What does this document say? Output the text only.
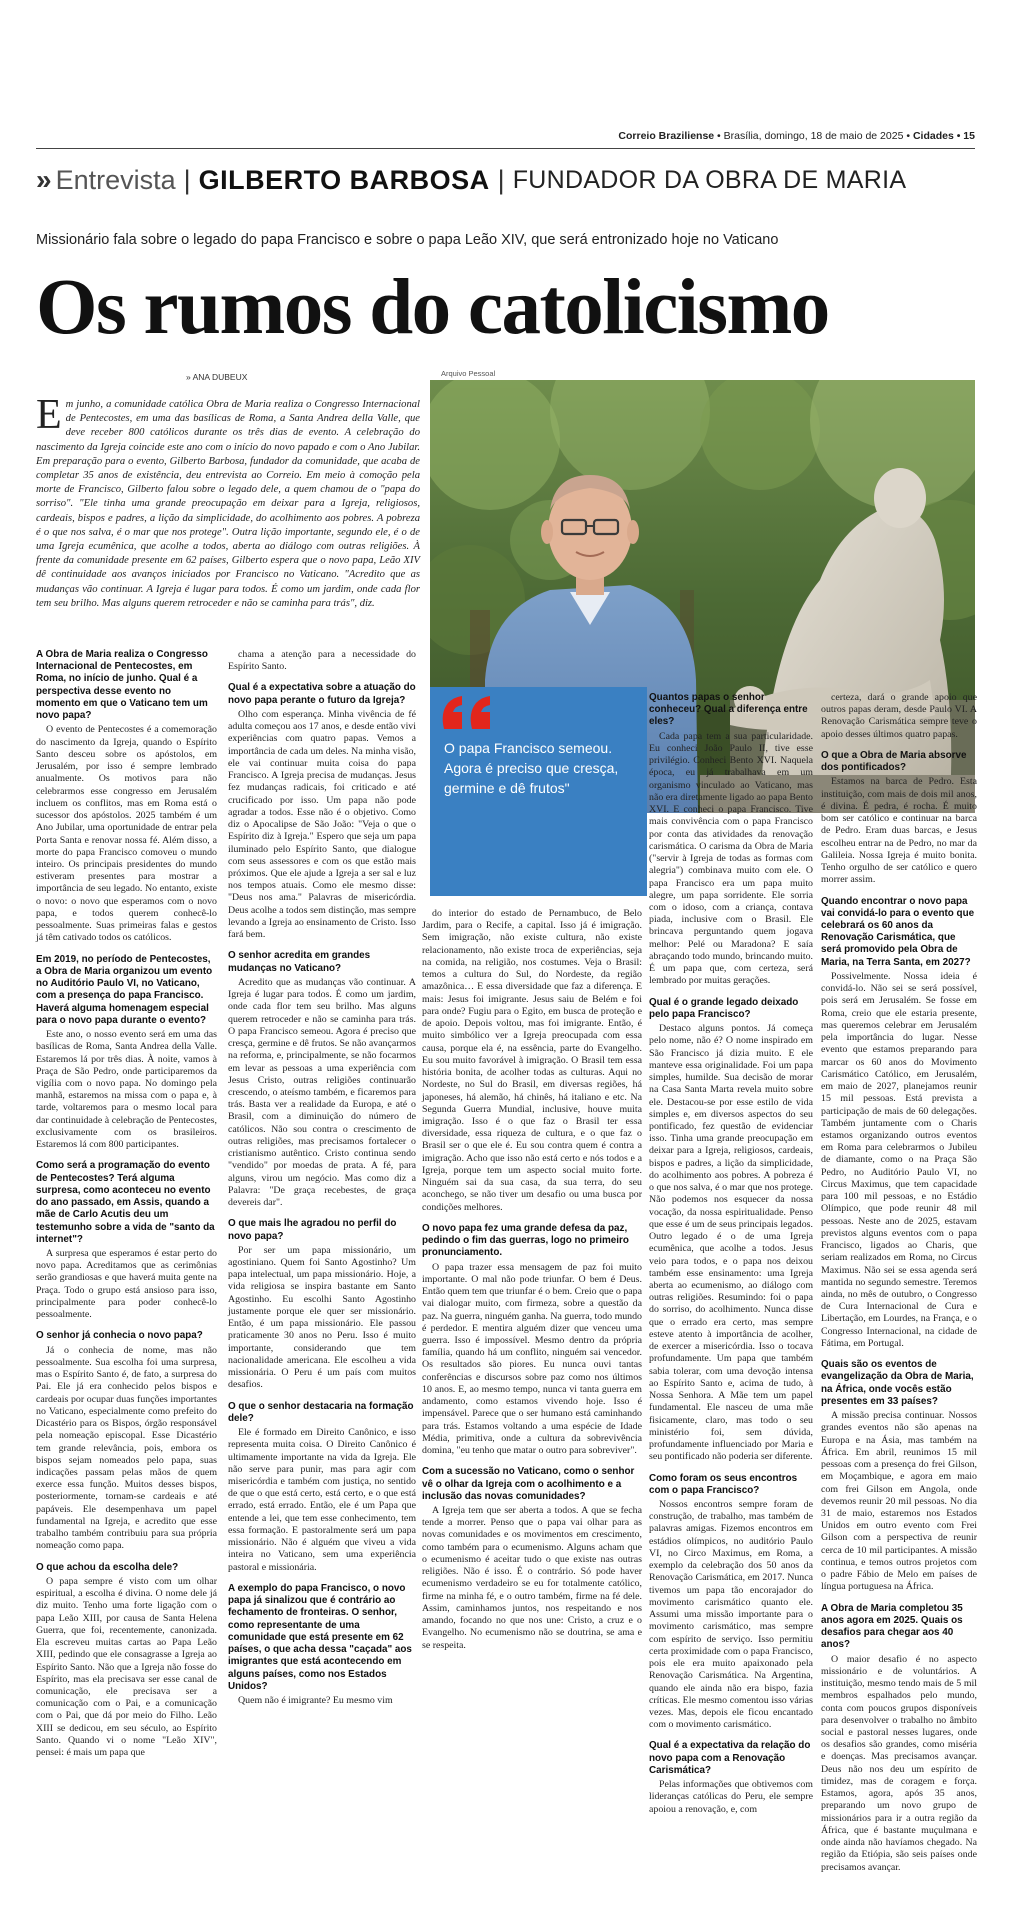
Correio Braziliense • Brasília, domingo, 18 de maio de 2025 • Cidades • 15
» Entrevista | GILBERTO BARBOSA | FUNDADOR DA OBRA DE MARIA
Missionário fala sobre o legado do papa Francisco e sobre o papa Leão XIV, que será entronizado hoje no Vaticano
Os rumos do catolicismo
» ANA DUBEUX	Arquivo Pessoal
Em junho, a comunidade católica Obra de Maria realiza o Congresso Internacional de Pentecostes, em uma das basílicas de Roma, a Santa Andrea della Valle, que deve receber 800 católicos durante os três dias de evento. A celebração do nascimento da Igreja coincide este ano com o início do novo papado e com o Ano Jubilar. Em preparação para o evento, Gilberto Barbosa, fundador da comunidade, que acaba de completar 35 anos de existência, deu entrevista ao Correio. Em meio à comoção pela morte de Francisco, Gilberto falou sobre o legado dele, a quem chamou de o "papa do sorriso". "Ele tinha uma grande preocupação em deixar para a Igreja, religiosos, cardeais, bispos e padres, a lição da simplicidade, do acolhimento aos pobres. A pobreza é o que nos salva, é o mar que nos protege". Outra lição importante, segundo ele, é o de uma Igreja ecumênica, que acolhe a todos, aberta ao diálogo com outras religiões. À frente da comunidade presente em 62 países, Gilberto espera que o novo papa, Leão XIV dê continuidade aos avanços iniciados por Francisco no Vaticano. "Acredito que as mudanças vão continuar. A Igreja é lugar para todos. É como um jardim, onde cada flor tem seu brilho. Mas alguns querem retroceder e não se caminha para trás", diz.
O papa Francisco semeou. Agora é preciso que cresça, germine e dê frutos"

A Obra de Maria realiza o Congresso Internacional de Pentecostes, em Roma, no início de junho. Qual é a perspectiva desse evento no momento em que o Vaticano tem um novo papa?

O evento de Pentecostes é a comemoração do nascimento da Igreja, quando o Espírito Santo desceu sobre os apóstolos, em Jerusalém, por isso é sempre lembrado anualmente. Os motivos para não celebrarmos esse congresso em Jerusalém incluem os conflitos, mas em Roma está o sucessor dos apóstolos. 2025 também é um Ano Jubilar, uma oportunidade de entrar pela Porta Santa e renovar nossa fé. Além disso, a morte do papa Francisco comoveu o mundo inteiro. Os principais presidentes do mundo estiveram presentes para mostrar a importância de seu legado. No entanto, existe o novo: o novo que esperamos com o novo papa, e todos querem conhecê-lo pessoalmente. Suas primeiras falas e gestos já têm cativado todos os católicos.

Em 2019, no período de Pentecostes, a Obra de Maria organizou um evento no Auditório Paulo VI, no Vaticano, com a presença do papa Francisco. Haverá alguma homenagem especial para o novo papa durante o evento?

Este ano, o nosso evento será em uma das basílicas de Roma, Santa Andrea della Valle. Estaremos lá por três dias. À noite, vamos à Praça de São Pedro, onde participaremos da vigília com o novo papa. No domingo pela manhã, estaremos na missa com o papa e, à tarde, voltaremos para o mesmo local para dar continuidade à celebração de Pentecostes, exclusivamente com os brasileiros. Estaremos lá com 800 participantes.

Como será a programação do evento de Pentecostes? Terá alguma surpresa, como aconteceu no evento do ano passado, em Assis, quando a mãe de Carlo Acutis deu um testemunho sobre a vida de "santo da internet"?

A surpresa que esperamos é estar perto do novo papa. Acreditamos que as cerimônias serão grandiosas e que haverá muita gente na Praça. Todo o grupo está ansioso para isso, principalmente para poder conhecê-lo pessoalmente.

O senhor já conhecia o novo papa?

Já o conhecia de nome, mas não pessoalmente. Sua escolha foi uma surpresa, mas o Espírito Santo é, de fato, a surpresa do Pai. Ele já era conhecido pelos bispos e cardeais por ocupar duas funções importantes no Vaticano, especialmente como prefeito do Dicastério para os Bispos, órgão responsável pela nomeação episcopal. Esse Dicastério tem grande relevância, pois, embora os bispos sejam nomeados pelo papa, suas indicações passam pelas mãos de quem exerce essa função. Muitos desses bispos, posteriormente, tornam-se cardeais e até papáveis. Ele desempenhava um papel fundamental na Igreja, e acredito que esse trabalho também contribuiu para sua própria nomeação como papa.

O que achou da escolha dele?

O papa sempre é visto com um olhar espiritual, a escolha é divina. O nome dele já diz muito. Tenho uma forte ligação com o papa Leão XIII, por causa de Santa Helena Guerra, que foi, recentemente, canonizada. Ela escreveu muitas cartas ao Papa Leão XIII, pedindo que ele consagrasse a Igreja ao Espírito Santo. Não que a Igreja não fosse do Espírito, mas ela precisava ser esse canal de comunicação, ele precisava ser a comunicação com o Pai, e a comunicação com o Pai, que dá por meio do Filho. Leão XIII se dedicou, em seu século, ao Espírito Santo. Quando vi o nome "Leão XIV", pensei: é mais um papa que

chama a atenção para a necessidade do Espírito Santo.

Qual é a expectativa sobre a atuação do novo papa perante o futuro da Igreja?

Olho com esperança. Minha vivência de fé adulta começou aos 17 anos, e desde então vivi experiências com quatro papas. Vemos a importância de cada um deles. Na minha visão, ele vai continuar muita coisa do papa Francisco. A Igreja precisa de mudanças. Jesus fez mudanças radicais, foi criticado e até crucificado por isso. Um papa não pode agradar a todos. Esse não é o objetivo. Como diz o Apocalipse de São João: "Veja o que o Espírito diz à Igreja." Espero que seja um papa iluminado pelo Espírito Santo, que dialogue com seus assessores e com os que estão mais próximos. Que ele ajude a Igreja a ser sal e luz nos tempos atuais. Como ele mesmo disse: "Deus nos ama." Palavras de misericórdia. Deus acolhe a todos sem distinção, mas sempre levando a Igreja ao ensinamento de Cristo. Isso fará bem.

O senhor acredita em grandes mudanças no Vaticano?

Acredito que as mudanças vão continuar. A Igreja é lugar para todos. É como um jardim, onde cada flor tem seu brilho. Mas alguns querem retroceder e não se caminha para trás. O papa Francisco semeou. Agora é preciso que cresça, germine e dê frutos. Se não avançarmos na reforma, e, principalmente, se não focarmos em levar as pessoas a uma experiência com Jesus Cristo, outras religiões continuarão crescendo, o ateísmo também, e ficaremos para trás. Basta ver a realidade da Europa, e até o Brasil, com a diminuição do número de católicos. Não sou contra o crescimento de outras religiões, mas precisamos fortalecer o cristianismo autêntico. Cristo continua sendo "vendido" por moedas de prata. A fé, para alguns, virou um negócio. Mas como diz a Palavra: "De graça recebestes, de graça devereis dar".

O que mais lhe agradou no perfil do novo papa?

Por ser um papa missionário, um agostiniano. Quem foi Santo Agostinho? Um papa intelectual, um papa missionário. Hoje, a vida religiosa se inspira bastante em Santo Agostinho. Eu escolhi Santo Agostinho justamente porque ele quer ser missionário. Então, é um papa missionário. Ele passou praticamente 30 anos no Peru. Isso é muito importante, considerando que tem nacionalidade americana. Ele escolheu a vida missionária. O Peru é um país com muitos desafios.

O que o senhor destacaria na formação dele?

Ele é formado em Direito Canônico, e isso representa muita coisa. O Direito Canônico é ultimamente importante na vida da Igreja. Ele não serve para punir, mas para agir com misericórdia e também com justiça, no sentido de que o que está certo, está certo, e o que está errado, está errado. Então, ele é um Papa que entende a lei, que tem esse conhecimento, tem essa formação. E pastoralmente será um papa missionário. Não é alguém que viveu a vida inteira no Vaticano, sem uma experiência pastoral e missionária.

A exemplo do papa Francisco, o novo papa já sinalizou que é contrário ao fechamento de fronteiras. O senhor, como representante de uma comunidade que está presente em 62 países, o que acha dessa "caçada" aos imigrantes que está acontecendo em alguns países, como nos Estados Unidos?

Quem não é imigrante? Eu mesmo vim

do interior do estado de Pernambuco, de Belo Jardim, para o Recife, a capital. Isso já é imigração. Sem imigração, não existe cultura, não existe relacionamento, não existe troca de experiências, seja na comida, na religião, nos costumes. Veja o Brasil: temos a cultura do Sul, do Nordeste, da região amazônica… E essa diversidade que faz a diferença. E mais: Jesus foi imigrante. Jesus saiu de Belém e foi para onde? Fugiu para o Egito, em busca de proteção e de apoio. Depois voltou, mas foi imigrante. Então, é muito simbólico ver a Igreja preocupada com essa causa, porque ela é, na essência, parte do Evangelho. Eu sou muito favorável à imigração. O Brasil tem essa história bonita, de acolher todas as culturas. Aqui no Nordeste, no Sul do Brasil, em diversas regiões, há japoneses, há alemão, há chinês, há italiano e etc. Na Segunda Guerra Mundial, inclusive, houve muita imigração. Isso é o que faz o Brasil ter essa diversidade, essa riqueza de cultura, e o que faz o Brasil ser o que ele é. Eu sou contra quem é contra a imigração. Acho que isso não está certo e nós todos e a Igreja, porque tem um aspecto social muito forte. Ninguém sai da sua casa, da sua terra, do seu aconchego, se não tiver um desafio ou uma busca por condições melhores.

O novo papa fez uma grande defesa da paz, pedindo o fim das guerras, logo no primeiro pronunciamento.

O papa trazer essa mensagem de paz foi muito importante. O mal não pode triunfar. O bem é Deus. Então quem tem que triunfar é o bem. Creio que o papa vai dialogar muito, com firmeza, sobre a questão da paz. Na guerra, ninguém ganha. Na guerra, todo mundo é perdedor. E mentira alguém dizer que venceu uma guerra. Isso é impossível. Mesmo dentro da própria família, quando há um conflito, ninguém sai vencedor. Os resultados são piores. Eu nunca ouvi tantas conferências e discursos sobre paz como nos últimos 10 anos. E, ao mesmo tempo, nunca vi tanta guerra em andamento, como estamos vivendo hoje. Isso é impensável. Parece que o ser humano está caminhando para trás. Estamos voltando a uma espécie de Idade Média, primitiva, onde a cultura da sobrevivência domina, "eu tenho que matar o outro para sobreviver".

Com a sucessão no Vaticano, como o senhor vê o olhar da Igreja com o acolhimento e a inclusão das novas comunidades?

A Igreja tem que ser aberta a todos. A que se fecha tende a morrer. Penso que o papa vai olhar para as novas comunidades e os movimentos em crescimento, como também para o ecumenismo. Alguns acham que o ecumenismo é aceitar tudo o que existe nas outras religiões. Não é isso. É o contrário. Só pode haver ecumenismo verdadeiro se eu for totalmente católico, firme na minha fé, e o outro também, firme na fé dele. Assim, caminhamos juntos, nos respeitando e nos amando, focando no que nos une: Cristo, a cruz e o Evangelho. No ecumenismo não se doutrina, se ama e se respeita.

Quantos papas o senhor conheceu? Qual a diferença entre eles?

Cada papa tem a sua particularidade. Eu conheci João Paulo II, tive esse privilégio. Conheci Bento XVI. Naquela época, eu já trabalhava em um organismo vinculado ao Vaticano, mas não era diretamente ligado ao papa Bento XVI. E conheci o papa Francisco. Tive mais convivência com o papa Francisco por conta das atividades da renovação carismática. O carisma da Obra de Maria ("servir à Igreja de todas as formas com alegria") combinava muito com ele. O papa Francisco era um papa muito alegre, um papa sorridente. Ele sorria com o idoso, com a criança, contava piada, inclusive com o Brasil. Ele brincava perguntando quem jogava melhor: Pelé ou Maradona? E saía abraçando todo mundo, brincando muito. É um papa que, com certeza, será lembrado por muitas gerações.

Qual é o grande legado deixado pelo papa Francisco?

Destaco alguns pontos. Já começa pelo nome, não é? O nome inspirado em São Francisco já dizia muito. E ele manteve essa originalidade. Foi um papa simples, humilde. Sua decisão de morar na Casa Santa Marta revela muito sobre ele. Destacou-se por esse estilo de vida simples e, em diversos aspectos do seu pontificado, fez questão de evidenciar isso. Tinha uma grande preocupação em deixar para a Igreja, religiosos, cardeais, bispos e padres, a lição da simplicidade, do acolhimento aos pobres. A pobreza é o que nos salva, é o mar que nos protege. Não podemos nos esquecer da nossa vocação, da nossa espiritualidade. Penso que esse é um de seus principais legados. Outro legado é o de uma Igreja ecumênica, que acolhe a todos. Jesus veio para todos, e o papa nos deixou também esse ensinamento: uma Igreja aberta ao ecumenismo, ao diálogo com outras religiões. Resumindo: foi o papa do sorriso, do acolhimento. Nunca disse que o errado era certo, mas sempre esteve atento à importância de acolher, de exercer a misericórdia. Isso o tocava profundamente. Um papa que também sabia tolerar, com uma devoção intensa ao Espírito Santo e, acima de tudo, à Nossa Senhora. A Mãe tem um papel fundamental. Ele nasceu de uma mãe fisicamente, claro, mas todo o seu ministério foi, sem dúvida, profundamente influenciado por Maria e seu pontificado não poderia ser diferente.

Como foram os seus encontros com o papa Francisco?

Nossos encontros sempre foram de construção, de trabalho, mas também de palavras amigas. Fizemos encontros em estádios olímpicos, no auditório Paulo VI, no Circo Maximus, em Roma, a exemplo da celebração dos 50 anos da Renovação Carismática, em 2017. Nunca tivemos um papa tão encorajador do movimento carismático quanto ele. Assumi uma missão importante para o movimento carismático, mas sempre com espírito de serviço. Isso permitiu certa proximidade com o papa Francisco, pois ele era muito apaixonado pela Renovação Carismática. Na Argentina, quando ele ainda não era bispo, fazia críticas. Ele mesmo comentou isso várias vezes. Mas, depois ele ficou encantado com o movimento carismático.

Qual é a expectativa da relação do novo papa com a Renovação Carismática?

Pelas informações que obtivemos com lideranças católicas do Peru, ele sempre apoiou a renovação, e, com

certeza, dará o grande apoio que outros papas deram, desde Paulo VI. A Renovação Carismática sempre teve o apoio desses últimos quatro papas.

O que a Obra de Maria absorve dos pontificados?

Estamos na barca de Pedro. Esta instituição, com mais de dois mil anos, é divina. É pedra, é rocha. É muito bom ser católico e continuar na barca de Pedro. Eram duas barcas, e Jesus escolheu entrar na de Pedro, no mar da Galileia. Nossa Igreja é muito bonita. Tenho orgulho de ser católico e quero morrer assim.

Quando encontrar o novo papa vai convidá-lo para o evento que celebrará os 60 anos da Renovação Carismática, que será promovido pela Obra de Maria, na Terra Santa, em 2027?

Possivelmente. Nossa ideia é convidá-lo. Não sei se será possível, pois será em Jerusalém. Se fosse em Roma, creio que ele estaria presente, mas queremos celebrar em Jerusalém pela importância do lugar. Nesse evento que estamos preparando para marcar os 60 anos do Movimento Carismático Católico, em Jerusalém, em maio de 2027, planejamos reunir 15 mil pessoas. Está prevista a participação de mais de 60 delegações. Também juntamente com o Charis estamos organizando outros eventos em Roma para celebrarmos o Jubileu de diamante, como o na Praça São Pedro, no Auditório Paulo VI, no Circus Maximus, que tem capacidade para 100 mil pessoas, e no Estádio Olímpico, que pode reunir 48 mil pessoas. Neste ano de 2025, estavam previstos alguns eventos com o papa Francisco, ligados ao Charis, que seriam realizados em Roma, no Circus Maximus. Não sei se essa agenda será mantida no segundo semestre. Teremos ainda, no mês de outubro, o Congresso de Cura Internacional de Cura e Libertação, em Lourdes, na França, e o Congresso Internacional, na cidade de Fátima, em Portugal.

Quais são os eventos de evangelização da Obra de Maria, na África, onde vocês estão presentes em 33 países?

A missão precisa continuar. Nossos grandes eventos não são apenas na Europa e na Ásia, mas também na África. Em abril, reunimos 15 mil pessoas com a presença do frei Gilson, em Moçambique, e agora em maio com frei Gilson em Angola, onde devemos reunir 20 mil pessoas. No dia 31 de maio, estaremos nos Estados Unidos em outro evento com Frei Gilson com a perspectiva de reunir cerca de 10 mil participantes. A missão continua, e temos outros projetos com o padre Fábio de Melo em países de língua portuguesa na África.

A Obra de Maria completou 35 anos agora em 2025. Quais os desafios para chegar aos 40 anos?

O maior desafio é no aspecto missionário e de voluntários. A instituição, mesmo tendo mais de 5 mil membros espalhados pelo mundo, conta com poucos grupos disponíveis para desenvolver o trabalho no âmbito social e pastoral nesses lugares, onde os desafios são grandes, como miséria e doenças. Mas precisamos avançar. Deus não nos deu um espírito de timidez, mas de coragem e força. Estamos, agora, após 35 anos, preparando um novo grupo de missionários para ir a outra região da África, que é bastante muçulmana e onde ainda não havíamos chegado. Na região da Etiópia, são seis países onde precisamos avançar.
